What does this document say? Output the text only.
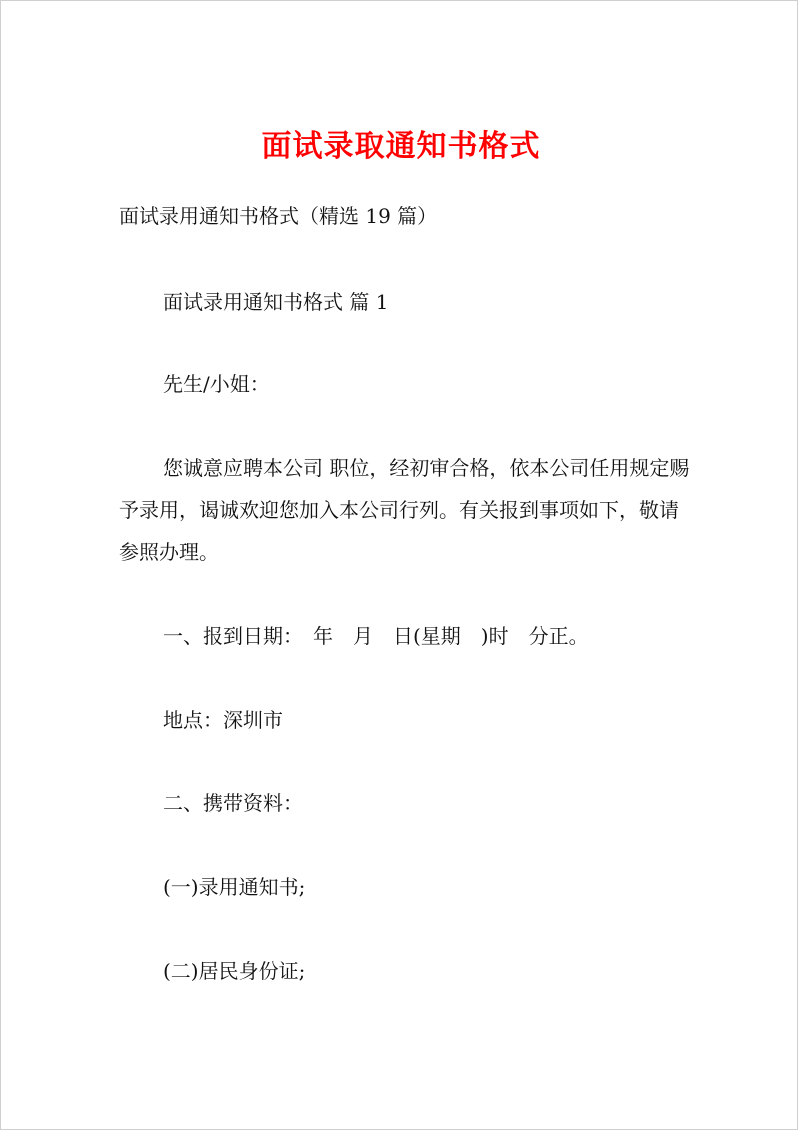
面试录取通知书格式
面试录用通知书格式（精选 19 篇）
面试录用通知书格式 篇 1
先生/小姐：
您诚意应聘本公司 职位，经初审合格，依本公司任用规定赐予录用，谒诚欢迎您加入本公司行列。有关报到事项如下，敬请参照办理。
一、报到日期：　年　月　日(星期　)时　分正。
地点：深圳市
二、携带资料：
(一)录用通知书;
(二)居民身份证;
